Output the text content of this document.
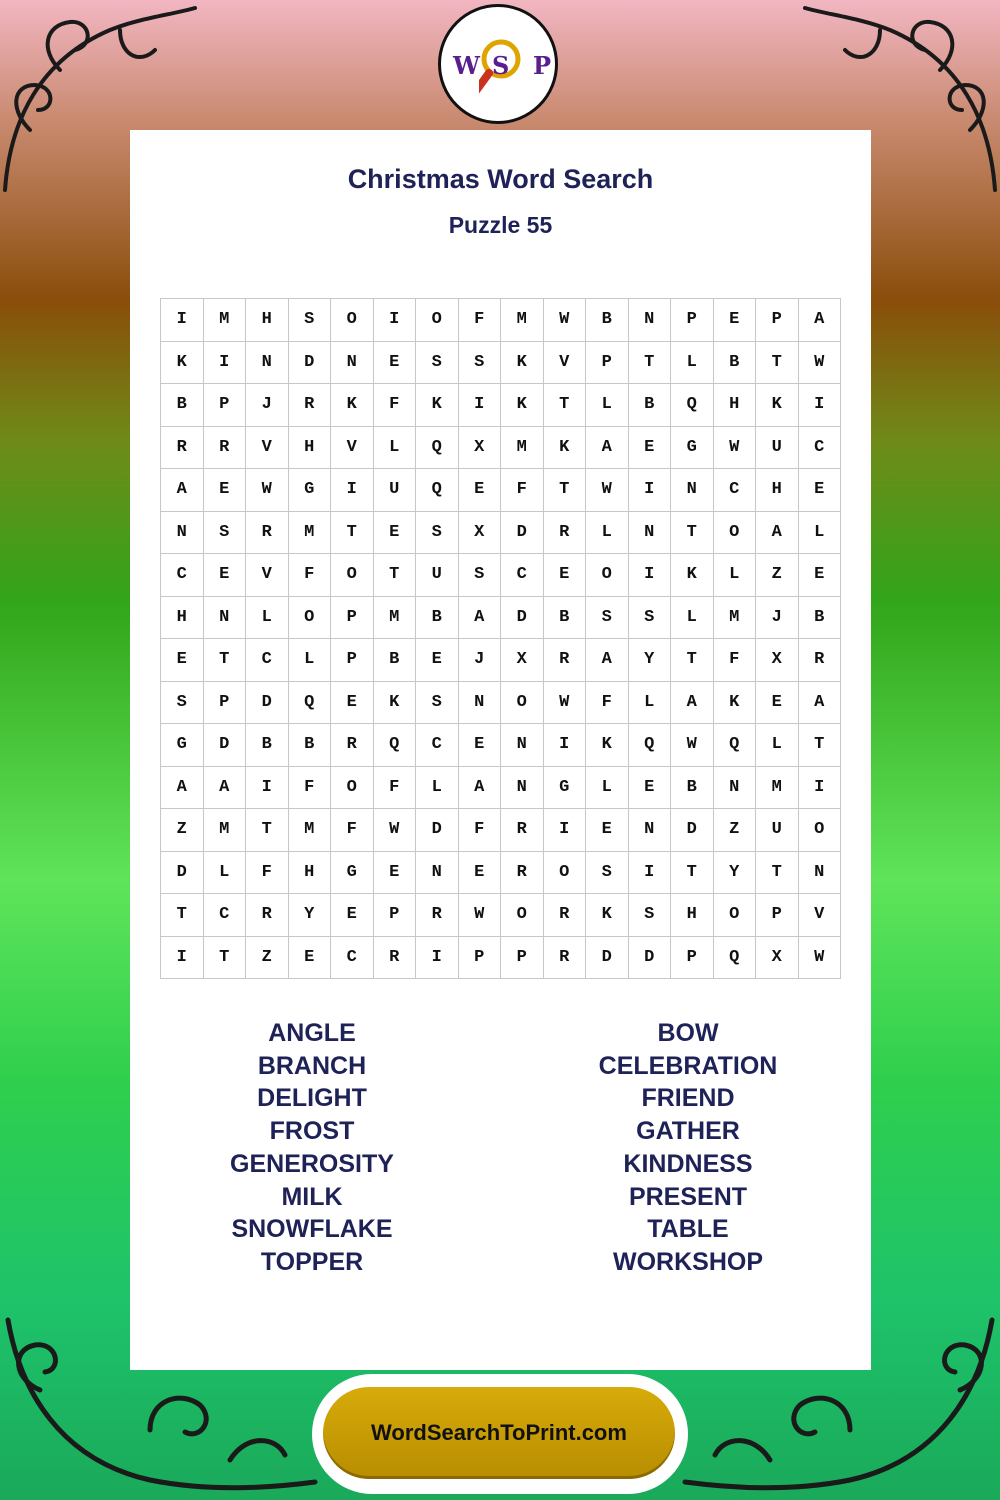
W S P
Christmas Word Search
Puzzle 55
I	M	H	S	O	I	O	F	M	W	B	N	P	E	P	A
K	I	N	D	N	E	S	S	K	V	P	T	L	B	T	W
B	P	J	R	K	F	K	I	K	T	L	B	Q	H	K	I
R	R	V	H	V	L	Q	X	M	K	A	E	G	W	U	C
A	E	W	G	I	U	Q	E	F	T	W	I	N	C	H	E
N	S	R	M	T	E	S	X	D	R	L	N	T	O	A	L
C	E	V	F	O	T	U	S	C	E	O	I	K	L	Z	E
H	N	L	O	P	M	B	A	D	B	S	S	L	M	J	B
E	T	C	L	P	B	E	J	X	R	A	Y	T	F	X	R
S	P	D	Q	E	K	S	N	O	W	F	L	A	K	E	A
G	D	B	B	R	Q	C	E	N	I	K	Q	W	Q	L	T
A	A	I	F	O	F	L	A	N	G	L	E	B	N	M	I
Z	M	T	M	F	W	D	F	R	I	E	N	D	Z	U	O
D	L	F	H	G	E	N	E	R	O	S	I	T	Y	T	N
T	C	R	Y	E	P	R	W	O	R	K	S	H	O	P	V
I	T	Z	E	C	R	I	P	P	R	D	D	P	Q	X	W
ANGLE
BRANCH
DELIGHT
FROST
GENEROSITY
MILK
SNOWFLAKE
TOPPER
BOW
CELEBRATION
FRIEND
GATHER
KINDNESS
PRESENT
TABLE
WORKSHOP
WordSearchToPrint.com
